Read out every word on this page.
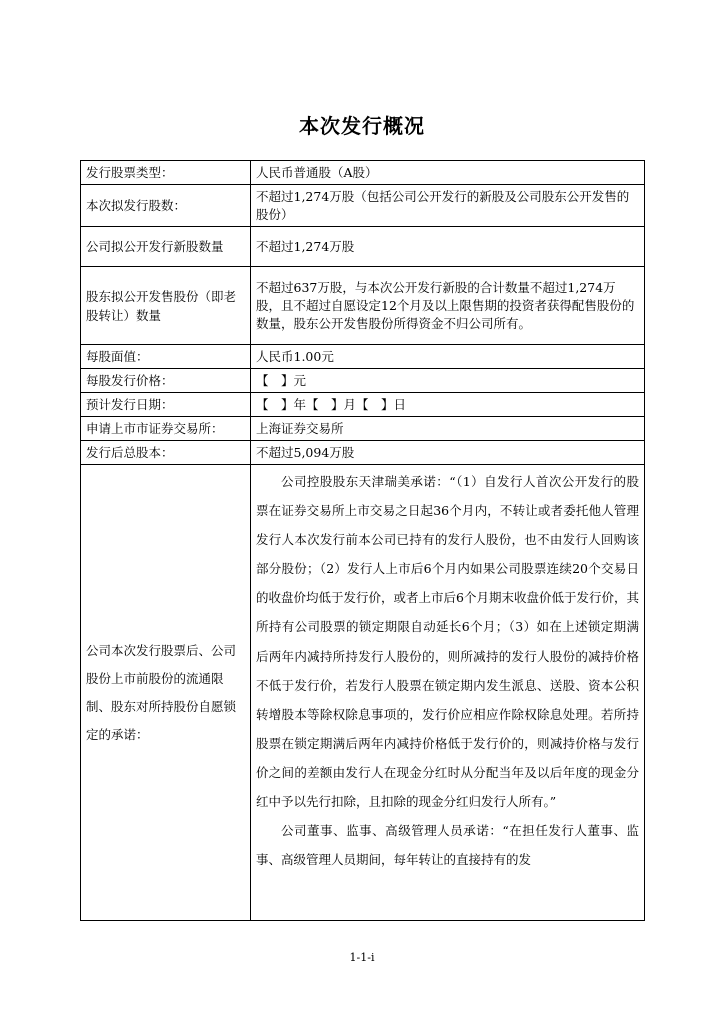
本次发行概况
发行股票类型：	人民币普通股（A股）
本次拟发行股数：	不超过1,274万股（包括公司公开发行的新股及公司股东公开发售的股份）
公司拟公开发行新股数量	不超过1,274万股
股东拟公开发售股份（即老股转让）数量	不超过637万股，与本次公开发行新股的合计数量不超过1,274万股，且不超过自愿设定12个月及以上限售期的投资者获得配售股份的数量，股东公开发售股份所得资金不归公司所有。
每股面值：	人民币1.00元
每股发行价格：	【　】元
预计发行日期：	【　】年【　】月【　】日
申请上市市证券交易所：	上海证券交易所
发行后总股本：	不超过5,094万股
公司本次发行股票后、公司股份上市前股份的流通限制、股东对所持股份自愿锁定的承诺：	公司控股股东天津瑞美承诺：“（1）自发行人首次公开发行的股票在证券交易所上市交易之日起36个月内，不转让或者委托他人管理发行人本次发行前本公司已持有的发行人股份，也不由发行人回购该部分股份；（2）发行人上市后6个月内如果公司股票连续20个交易日的收盘价均低于发行价，或者上市后6个月期末收盘价低于发行价，其所持有公司股票的锁定期限自动延长6个月；（3）如在上述锁定期满后两年内减持所持发行人股份的，则所减持的发行人股份的减持价格不低于发行价，若发行人股票在锁定期内发生派息、送股、资本公积转增股本等除权除息事项的，发行价应相应作除权除息处理。若所持股票在锁定期满后两年内减持价格低于发行价的，则减持价格与发行价之间的差额由发行人在现金分红时从分配当年及以后年度的现金分红中予以先行扣除，且扣除的现金分红归发行人所有。”

公司董事、监事、高级管理人员承诺：“在担任发行人董事、监事、高级管理人员期间，每年转让的直接持有的发

1-1-i
